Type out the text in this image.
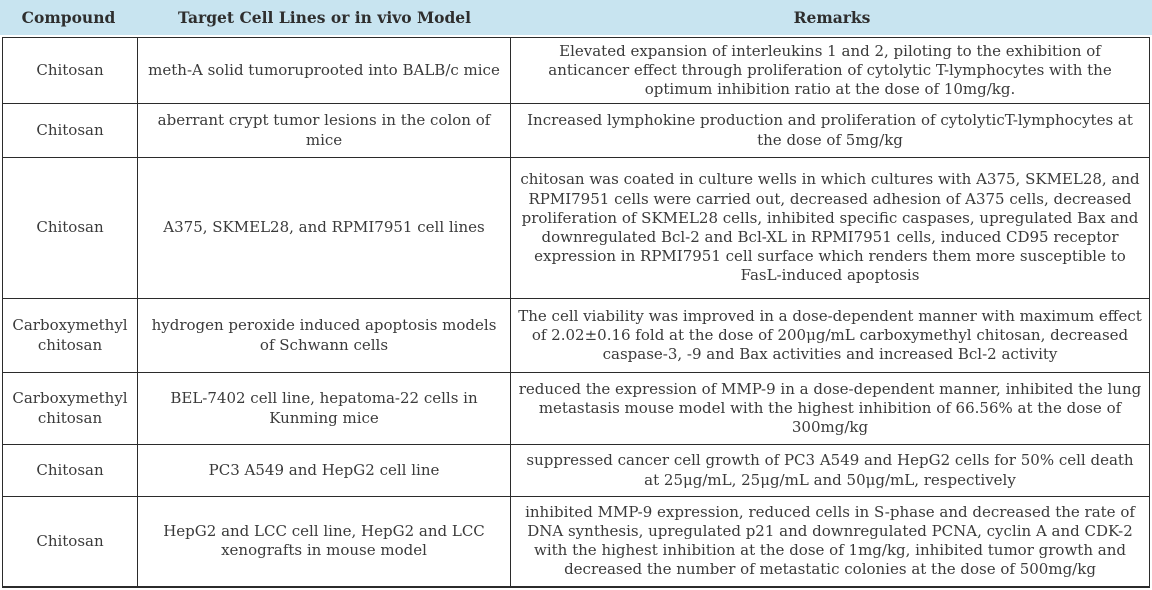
Compound	Target Cell Lines or in vivo Model	Remarks
Chitosan	meth-A solid tumoruprooted into BALB/c mice	Elevated expansion of interleukins 1 and 2, piloting to the exhibition of anticancer effect through proliferation of cytolytic T-lymphocytes with the optimum inhibition ratio at the dose of 10mg/kg.
Chitosan	aberrant crypt tumor lesions in the colon of mice	Increased lymphokine production and proliferation of cytolyticT-lymphocytes at the dose of 5mg/kg
Chitosan	A375, SKMEL28, and RPMI7951 cell lines	chitosan was coated in culture wells in which cultures with A375, SKMEL28, and RPMI7951 cells were carried out, decreased adhesion of A375 cells, decreased proliferation of SKMEL28 cells, inhibited specific caspases, upregulated Bax and downregulated Bcl-2 and Bcl-XL in RPMI7951 cells, induced CD95 receptor expression in RPMI7951 cell surface which renders them more susceptible to FasL-induced apoptosis
Carboxymethyl chitosan	hydrogen peroxide induced apoptosis models of Schwann cells	The cell viability was improved in a dose-dependent manner with maximum effect of 2.02±0.16 fold at the dose of 200μg/mL carboxymethyl chitosan, decreased caspase-3, -9 and Bax activities and increased Bcl-2 activity
Carboxymethyl chitosan	BEL-7402 cell line, hepatoma-22 cells in Kunming mice	reduced the expression of MMP-9 in a dose-dependent manner, inhibited the lung metastasis mouse model with the highest inhibition of 66.56% at the dose of 300mg/kg
Chitosan	PC3 A549 and HepG2 cell line	suppressed cancer cell growth of PC3 A549 and HepG2 cells for 50% cell death at 25μg/mL, 25μg/mL and 50μg/mL, respectively
Chitosan	HepG2 and LCC cell line, HepG2 and LCC xenografts in mouse model	inhibited MMP-9 expression, reduced cells in S-phase and decreased the rate of DNA synthesis, upregulated p21 and downregulated PCNA, cyclin A and CDK-2 with the highest inhibition at the dose of 1mg/kg, inhibited tumor growth and decreased the number of metastatic colonies at the dose of 500mg/kg
